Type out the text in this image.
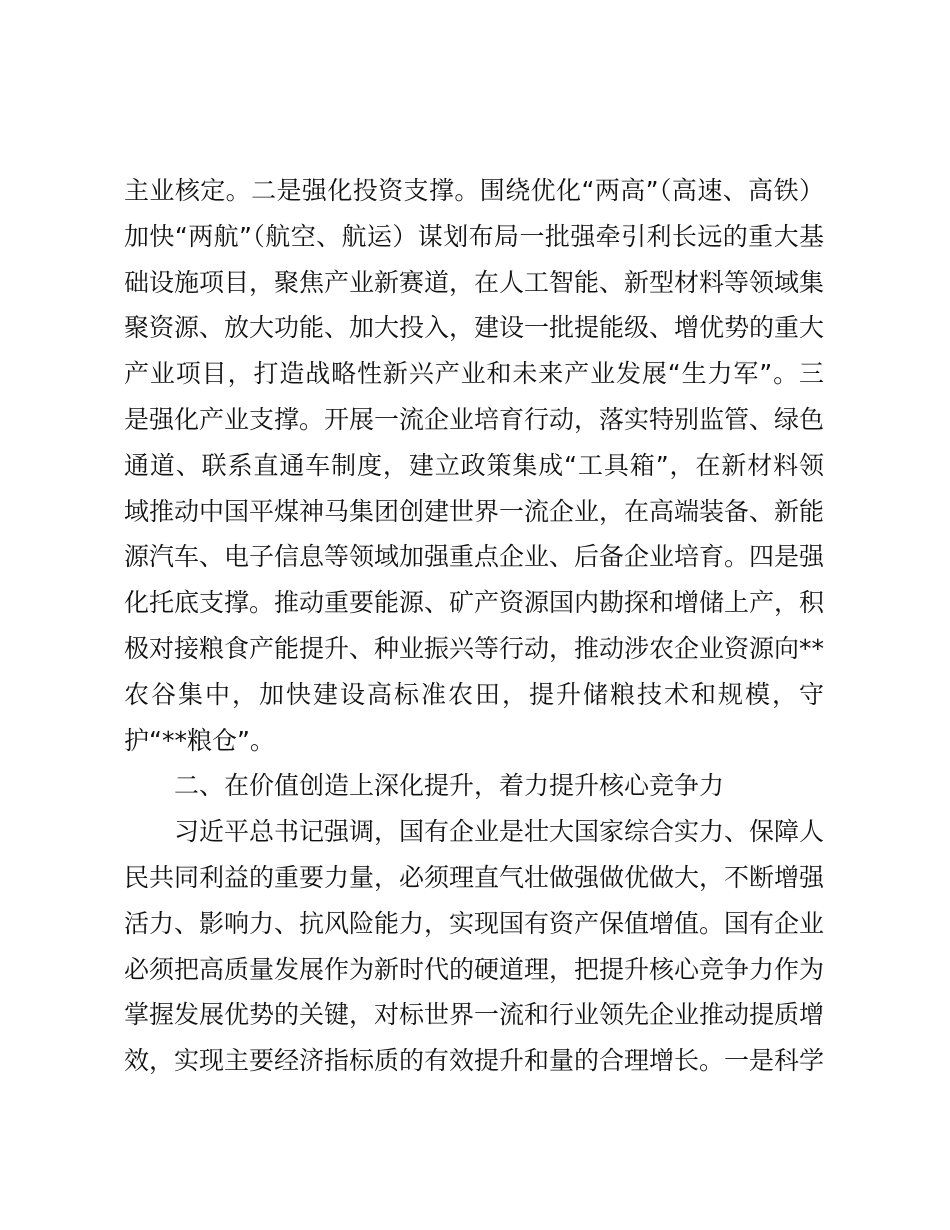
主业核定。二是强化投资支撑。围绕优化“两高”（高速、高铁）加快“两航”（航空、航运）谋划布局一批强牵引利长远的重大基础设施项目，聚焦产业新赛道，在人工智能、新型材料等领域集聚资源、放大功能、加大投入，建设一批提能级、增优势的重大产业项目，打造战略性新兴产业和未来产业发展“生力军”。三是强化产业支撑。开展一流企业培育行动，落实特别监管、绿色通道、联系直通车制度，建立政策集成“工具箱”，在新材料领域推动中国平煤神马集团创建世界一流企业，在高端装备、新能源汽车、电子信息等领域加强重点企业、后备企业培育。四是强化托底支撑。推动重要能源、矿产资源国内勘探和增储上产，积极对接粮食产能提升、种业振兴等行动，推动涉农企业资源向**农谷集中，加快建设高标准农田，提升储粮技术和规模，守护“**粮仓”。

二、在价值创造上深化提升，着力提升核心竞争力

习近平总书记强调，国有企业是壮大国家综合实力、保障人民共同利益的重要力量，必须理直气壮做强做优做大，不断增强活力、影响力、抗风险能力，实现国有资产保值增值。国有企业必须把高质量发展作为新时代的硬道理，把提升核心竞争力作为掌握发展优势的关键，对标世界一流和行业领先企业推动提质增效，实现主要经济指标质的有效提升和量的合理增长。一是科学
